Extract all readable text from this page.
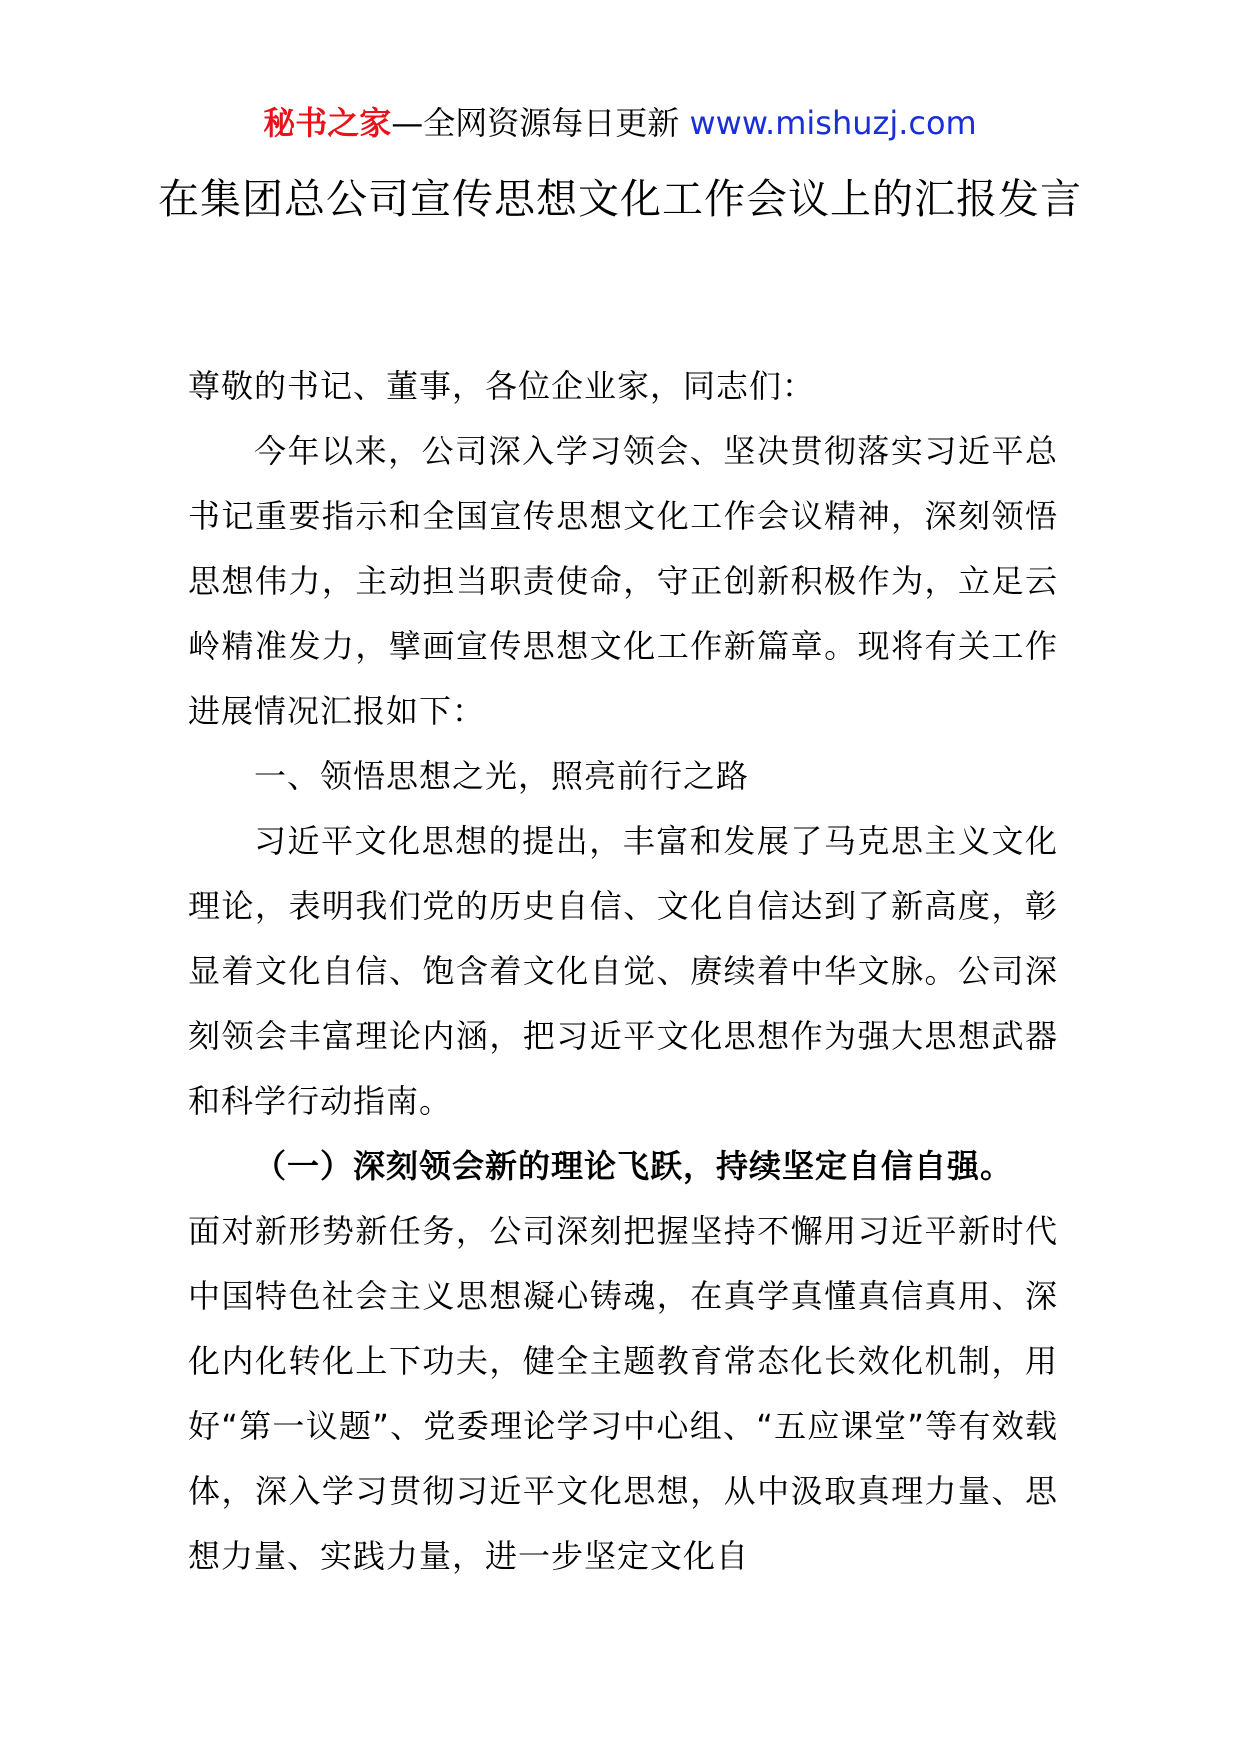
秘书之家—全网资源每日更新 www.mishuzj.com
在集团总公司宣传思想文化工作会议上的汇报发言

尊敬的书记、董事，各位企业家，同志们：

今年以来，公司深入学习领会、坚决贯彻落实习近平总书记重要指示和全国宣传思想文化工作会议精神，深刻领悟思想伟力，主动担当职责使命，守正创新积极作为，立足云岭精准发力，擘画宣传思想文化工作新篇章。现将有关工作进展情况汇报如下：

一、领悟思想之光，照亮前行之路

习近平文化思想的提出，丰富和发展了马克思主义文化理论，表明我们党的历史自信、文化自信达到了新高度，彰显着文化自信、饱含着文化自觉、赓续着中华文脉。公司深刻领会丰富理论内涵，把习近平文化思想作为强大思想武器和科学行动指南。

（一）深刻领会新的理论飞跃，持续坚定自信自强。

面对新形势新任务，公司深刻把握坚持不懈用习近平新时代中国特色社会主义思想凝心铸魂，在真学真懂真信真用、深化内化转化上下功夫，健全主题教育常态化长效化机制，用好“第一议题”、党委理论学习中心组、“五应课堂”等有效载体，深入学习贯彻习近平文化思想，从中汲取真理力量、思想力量、实践力量，进一步坚定文化自
